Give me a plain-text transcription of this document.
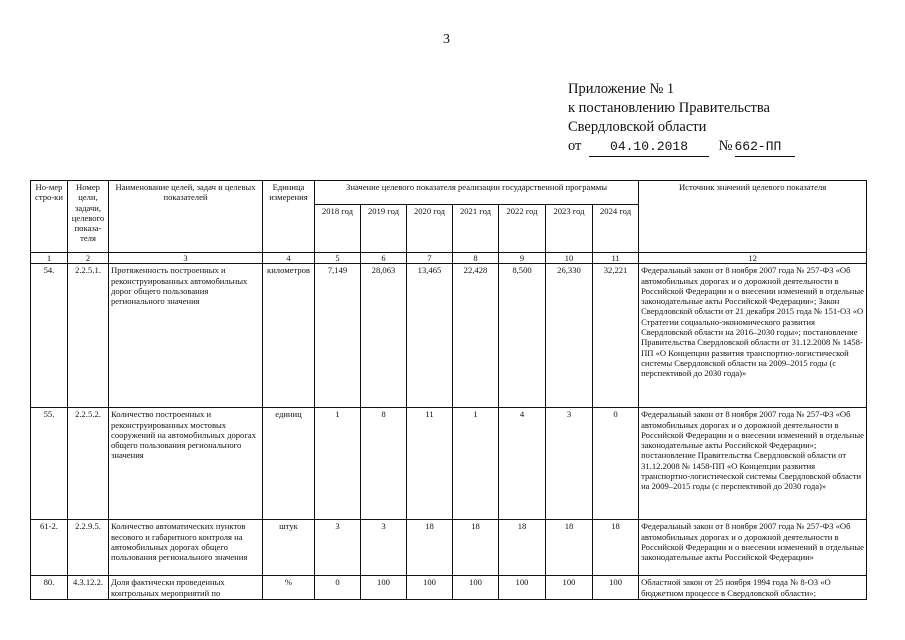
3
Приложение № 1
к постановлению Правительства
Свердловской области
от 04.10.2018 № 662-ПП
Но-мер стро-ки	Номер цели, задачи, целевого показа-теля	Наименование целей, задач и целевых показателей	Единица измерения	Значение целевого показателя реализации государственной программы							Источник значений целевого показателя
				2018 год	2019 год	2020 год	2021 год	2022 год	2023 год	2024 год	
1	2	3	4	5	6	7	8	9	10	11	12
54.	2.2.5.1.	Протяженность построенных и реконструированных автомобильных дорог общего пользования регионального значения	километров	7,149	28,063	13,465	22,428	8,500	26,330	32,221	Федеральный закон от 8 ноября 2007 года № 257-ФЗ «Об автомобильных дорогах и о дорожной деятельности в Российской Федерации и о внесении изменений в отдельные законодательные акты Российской Федерации»; Закон Свердловской области от 21 декабря 2015 года № 151-ОЗ «О Стратегии социально-экономического развития Свердловской области на 2016–2030 годы»; постановление Правительства Свердловской области от 31.12.2008 № 1458-ПП «О Концепции развития транспортно-логистической системы Свердловской области на 2009–2015 годы (с перспективой до 2030 года)»
55.	2.2.5.2.	Количество построенных и реконструированных мостовых сооружений на автомобильных дорогах общего пользования регионального значения	единиц	1	8	11	1	4	3	0	Федеральный закон от 8 ноября 2007 года № 257-ФЗ «Об автомобильных дорогах и о дорожной деятельности в Российской Федерации и о внесении изменений в отдельные законодательные акты Российской Федерации»; постановление Правительства Свердловской области от 31.12.2008 № 1458-ПП «О Концепции развития транспортно-логистической системы Свердловской области на 2009–2015 годы (с перспективой до 2030 года)»
61-2.	2.2.9.5.	Количество автоматических пунктов весового и габаритного контроля на автомобильных дорогах общего пользования регионального значения	штук	3	3	18	18	18	18	18	Федеральный закон от 8 ноября 2007 года № 257-ФЗ «Об автомобильных дорогах и о дорожной деятельности в Российской Федерации и о внесении изменений в отдельные законодательные акты Российской Федерации»
80.	4.3.12.2.	Доля фактически проведенных контрольных мероприятий по	%	0	100	100	100	100	100	100	Областной закон от 25 ноября 1994 года № 8-ОЗ «О бюджетном процессе в Свердловской области»;
